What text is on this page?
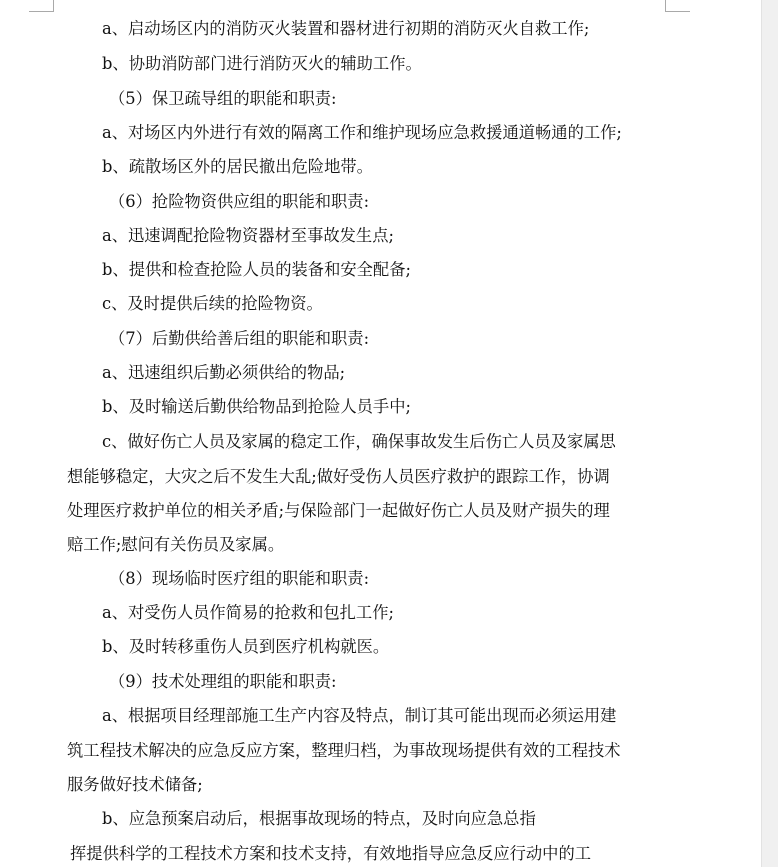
a、启动场区内的消防灭火装置和器材进行初期的消防灭火自救工作;

b、协助消防部门进行消防灭火的辅助工作。

（5）保卫疏导组的职能和职责:

a、对场区内外进行有效的隔离工作和维护现场应急救援通道畅通的工作;

b、疏散场区外的居民撤出危险地带。

（6）抢险物资供应组的职能和职责:

a、迅速调配抢险物资器材至事故发生点;

b、提供和检查抢险人员的装备和安全配备;

c、及时提供后续的抢险物资。

（7）后勤供给善后组的职能和职责:

a、迅速组织后勤必须供给的物品;

b、及时输送后勤供给物品到抢险人员手中;

c、做好伤亡人员及家属的稳定工作，确保事故发生后伤亡人员及家属思

想能够稳定，大灾之后不发生大乱;做好受伤人员医疗救护的跟踪工作，协调

处理医疗救护单位的相关矛盾;与保险部门一起做好伤亡人员及财产损失的理

赔工作;慰问有关伤员及家属。

（8）现场临时医疗组的职能和职责:

a、对受伤人员作简易的抢救和包扎工作;

b、及时转移重伤人员到医疗机构就医。

（9）技术处理组的职能和职责:

a、根据项目经理部施工生产内容及特点，制订其可能出现而必须运用建

筑工程技术解决的应急反应方案，整理归档，为事故现场提供有效的工程技术

服务做好技术储备;

b、应急预案启动后，根据事故现场的特点，及时向应急总指

挥提供科学的工程技术方案和技术支持，有效地指导应急反应行动中的工
